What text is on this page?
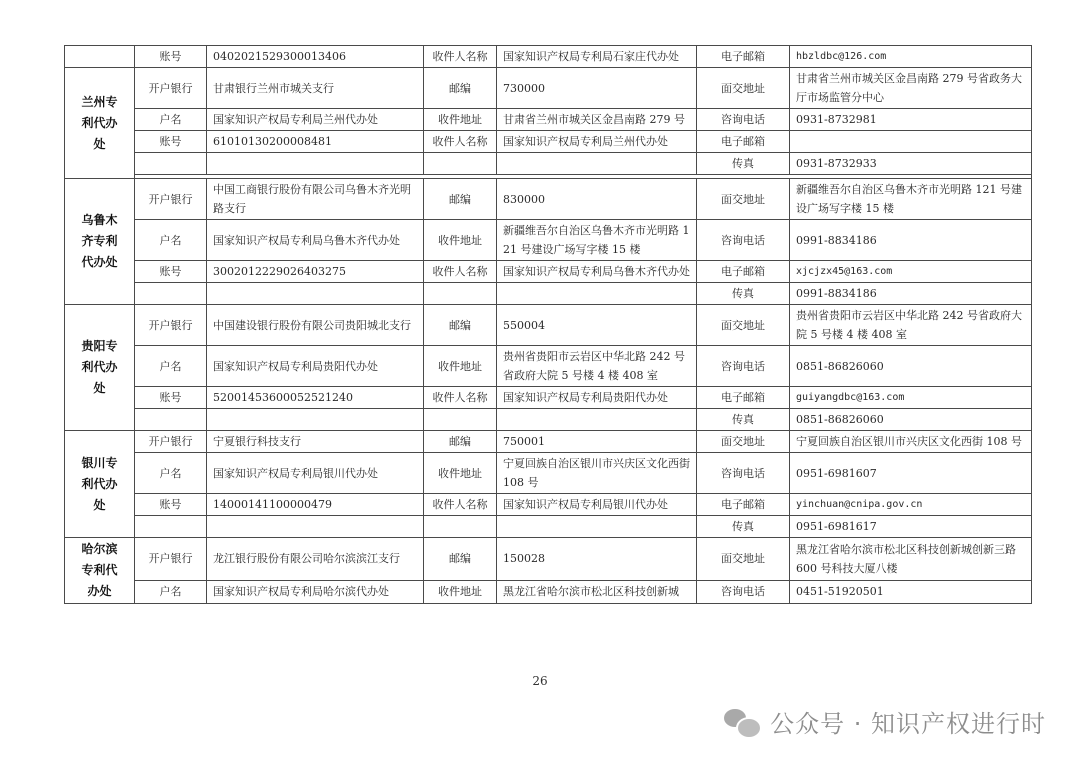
	账号	0402021529300013406	收件人名称	国家知识产权局专利局石家庄代办处	电子邮箱	hbzldbc@126.com
兰州专利代办处	开户银行	甘肃银行兰州市城关支行	邮编	730000	面交地址	甘肃省兰州市城关区金昌南路 279 号省政务大厅市场监管分中心
	户名	国家知识产权局专利局兰州代办处	收件地址	甘肃省兰州市城关区金昌南路 279 号	咨询电话	0931-8732981
	账号	61010130200008481	收件人名称	国家知识产权局专利局兰州代办处	电子邮箱	
					传真	0931-8732933

乌鲁木齐专利代办处	开户银行	中国工商银行股份有限公司乌鲁木齐光明路支行	邮编	830000	面交地址	新疆维吾尔自治区乌鲁木齐市光明路 121 号建设广场写字楼 15 楼
	户名	国家知识产权局专利局乌鲁木齐代办处	收件地址	新疆维吾尔自治区乌鲁木齐市光明路 121 号建设广场写字楼 15 楼	咨询电话	0991-8834186
	账号	3002012229026403275	收件人名称	国家知识产权局专利局乌鲁木齐代办处	电子邮箱	xjcjzx45@163.com
					传真	0991-8834186
贵阳专利代办处	开户银行	中国建设银行股份有限公司贵阳城北支行	邮编	550004	面交地址	贵州省贵阳市云岩区中华北路 242 号省政府大院 5 号楼 4 楼 408 室
	户名	国家知识产权局专利局贵阳代办处	收件地址	贵州省贵阳市云岩区中华北路 242 号省政府大院 5 号楼 4 楼 408 室	咨询电话	0851-86826060
	账号	52001453600052521240	收件人名称	国家知识产权局专利局贵阳代办处	电子邮箱	guiyangdbc@163.com
					传真	0851-86826060
银川专利代办处	开户银行	宁夏银行科技支行	邮编	750001	面交地址	宁夏回族自治区银川市兴庆区文化西街 108 号
	户名	国家知识产权局专利局银川代办处	收件地址	宁夏回族自治区银川市兴庆区文化西街 108 号	咨询电话	0951-6981607
	账号	14000141100000479	收件人名称	国家知识产权局专利局银川代办处	电子邮箱	yinchuan@cnipa.gov.cn
					传真	0951-6981617
哈尔滨专利代办处	开户银行	龙江银行股份有限公司哈尔滨滨江支行	邮编	150028	面交地址	黑龙江省哈尔滨市松北区科技创新城创新三路 600 号科技大厦八楼
	户名	国家知识产权局专利局哈尔滨代办处	收件地址	黑龙江省哈尔滨市松北区科技创新城	咨询电话	0451-51920501
26
公众号 · 知识产权进行时
